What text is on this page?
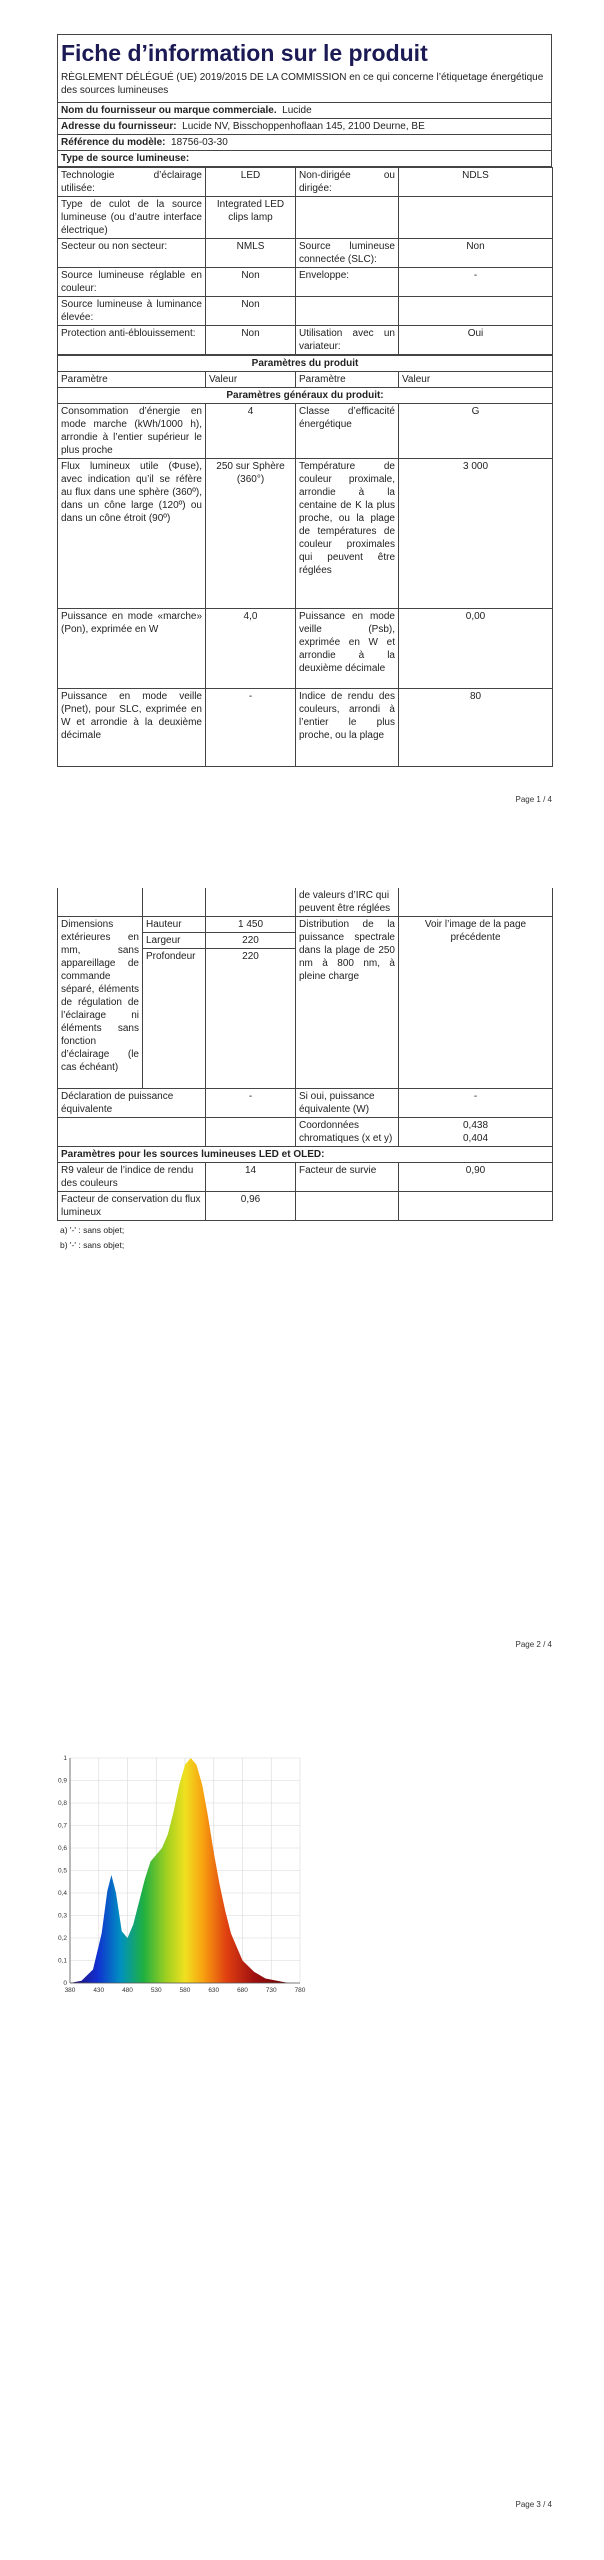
Fiche d’information sur le produit
RÈGLEMENT DÉLÉGUÉ (UE) 2019/2015 DE LA COMMISSION en ce qui concerne l’étiquetage énergétique des sources lumineuses

Nom du fournisseur ou marque commerciale. Lucide
Adresse du fournisseur: Lucide NV, Bisschoppenhoflaan 145, 2100 Deurne, BE
Référence du modèle: 18756-03-30
Type de source lumineuse:
Technologie d’éclairage utilisée:	LED	Non-dirigée ou dirigée:	NDLS
Type de culot de la source lumineuse (ou d’autre interface électrique)	Integrated LED clips lamp		
Secteur ou non secteur:	NMLS	Source lumineuse connectée (SLC):	Non
Source lumineuse réglable en couleur:	Non	Enveloppe:	-
Source lumineuse à luminance élevée:	Non		
Protection anti-éblouissement:	Non	Utilisation avec un variateur:	Oui
Paramètres du produit			
Paramètre	Valeur	Paramètre	Valeur
Paramètres généraux du produit:			
Consommation d’énergie en mode marche (kWh/1000 h), arrondie à l’entier supérieur le plus proche	4	Classe d’efficacité énergétique	G
Flux lumineux utile (Φuse), avec indication qu’il se réfère au flux dans une sphère (360º), dans un cône large (120º) ou dans un cône étroit (90º)	250 sur Sphère (360°)	Température de couleur proximale, arrondie à la centaine de K la plus proche, ou la plage de températures de couleur proximales qui peuvent être réglées	3 000
Puissance en mode «marche» (Pon), exprimée en W	4,0	Puissance en mode veille (Psb), exprimée en W et arrondie à la deuxième décimale	0,00
Puissance en mode veille (Pnet), pour SLC, exprimée en W et arrondie à la deuxième décimale	-	Indice de rendu des couleurs, arrondi à l’entier le plus proche, ou la plage	80
Page 1 / 4
			de valeurs d’IRC qui peuvent être réglées	
Dimensions extérieures en mm, sans appareillage de commande séparé, éléments de régulation de l’éclairage ni éléments sans fonction d’éclairage (le cas échéant)	Hauteur	1 450	Distribution de la puissance spectrale dans la plage de 250 nm à 800 nm, à pleine charge	Voir l’image de la page précédente
	Largeur	220		
	Profondeur	220		
Déclaration de puissance équivalente		-	Si oui, puissance équivalente (W)	-
			Coordonnées chromatiques (x et y)	0,438
0,404

Paramètres pour les sources lumineuses LED et OLED:				
R9 valeur de l’indice de rendu des couleurs		14	Facteur de survie	0,90
Facteur de conservation du flux lumineux		0,96		
a) '-' : sans objet;
b) '-' : sans objet;
Page 2 / 4
0
0,1
0,2
0,3
0,4
0,5
0,6
0,7
0,8
0,9
1
380	430	480	530	580	630	680	730	780
Page 3 / 4
